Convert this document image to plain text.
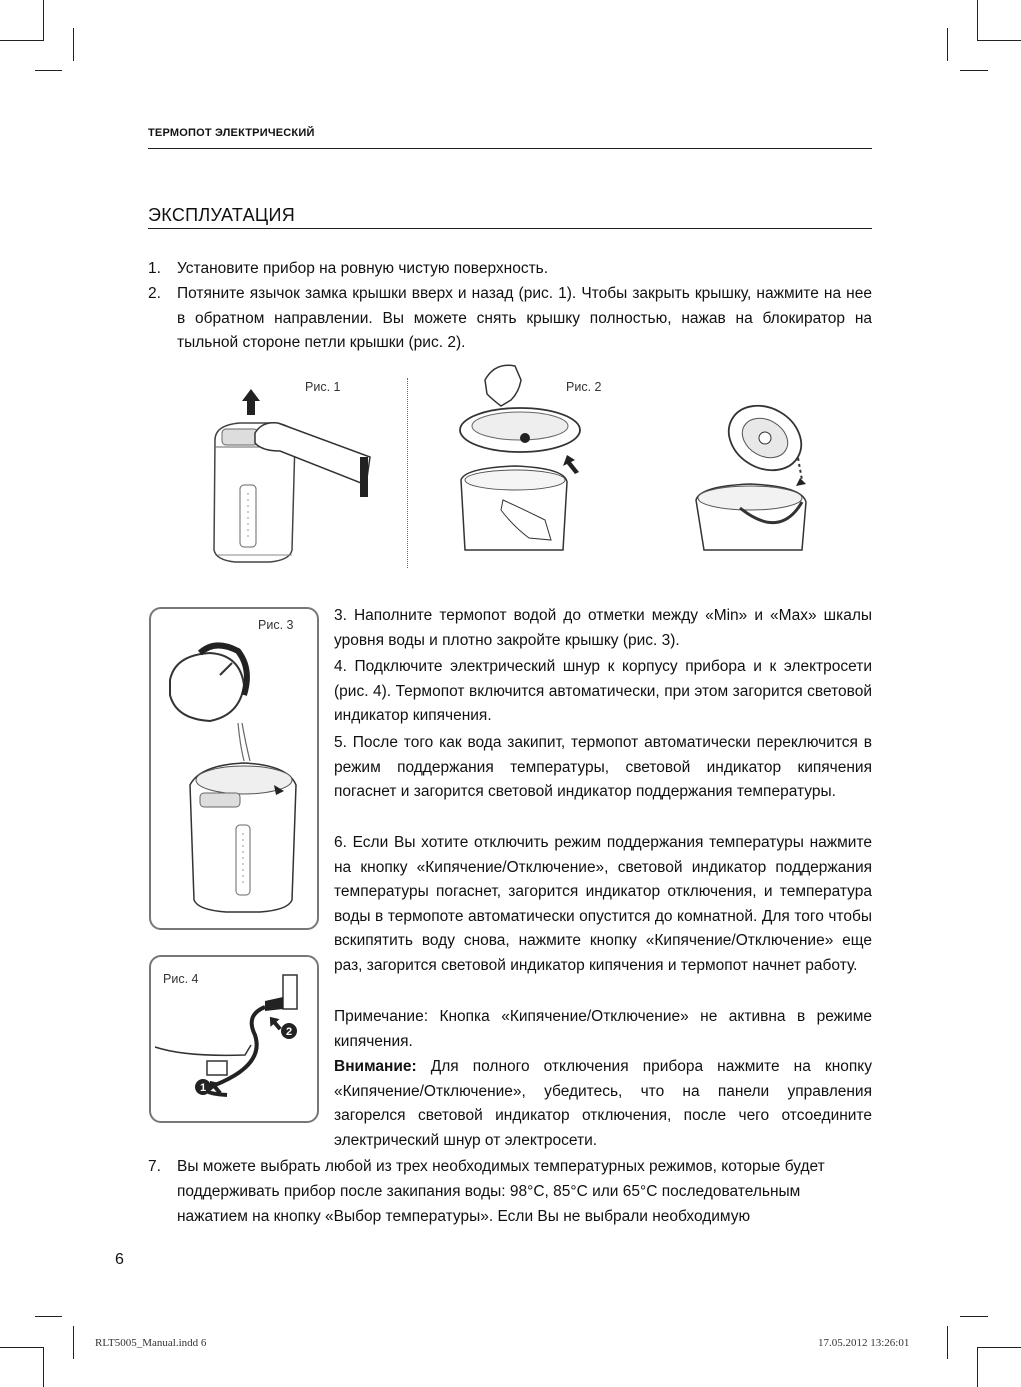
ТЕРМОПОТ ЭЛЕКТРИЧЕСКИЙ
ЭКСПЛУАТАЦИЯ
1. Установите прибор на ровную чистую поверхность.
2. Потяните язычок замка крышки вверх и назад (рис. 1). Чтобы закрыть крышку, нажмите на нее в обратном направлении. Вы можете снять крышку полностью, нажав на блокиратор на тыльной стороне петли крышки (рис. 2).
Рис. 1	Рис. 2
Рис. 3
Рис. 4
1
2
3. Наполните термопот водой до отметки между «Min» и «Max» шкалы уровня воды и плотно закройте крышку (рис. 3).
4. Подключите электрический шнур к корпусу прибора и к электросети (рис. 4). Термопот включится автоматически, при этом загорится световой индикатор кипячения.
5. После того как вода закипит, термопот автоматически переключится в режим поддержания температуры, световой индикатор кипячения погаснет и загорится световой индикатор поддержания температуры.
6. Если Вы хотите отключить режим поддержания температуры нажмите на кнопку «Кипячение/Отключение», световой индикатор поддержания температуры погаснет, загорится индикатор отключения, и температура воды в термопоте автоматически опустится до комнатной. Для того чтобы вскипятить воду снова, нажмите кнопку «Кипячение/Отключение» еще раз, загорится световой индикатор кипячения и термопот начнет работу.
Примечание: Кнопка «Кипячение/Отключение» не активна в режиме кипячения.
Внимание: Для полного отключения прибора нажмите на кнопку «Кипячение/Отключение», убедитесь, что на панели управления загорелся световой индикатор отключения, после чего отсоедините электрический шнур от электросети.
7. Вы можете выбрать любой из трех необходимых температурных режимов, которые будет
поддерживать прибор после закипания воды: 98°С, 85°С или 65°С последовательным
нажатием на кнопку «Выбор температуры». Если Вы не выбрали необходимую
6
RLT5005_Manual.indd 6	17.05.2012 13:26:01
